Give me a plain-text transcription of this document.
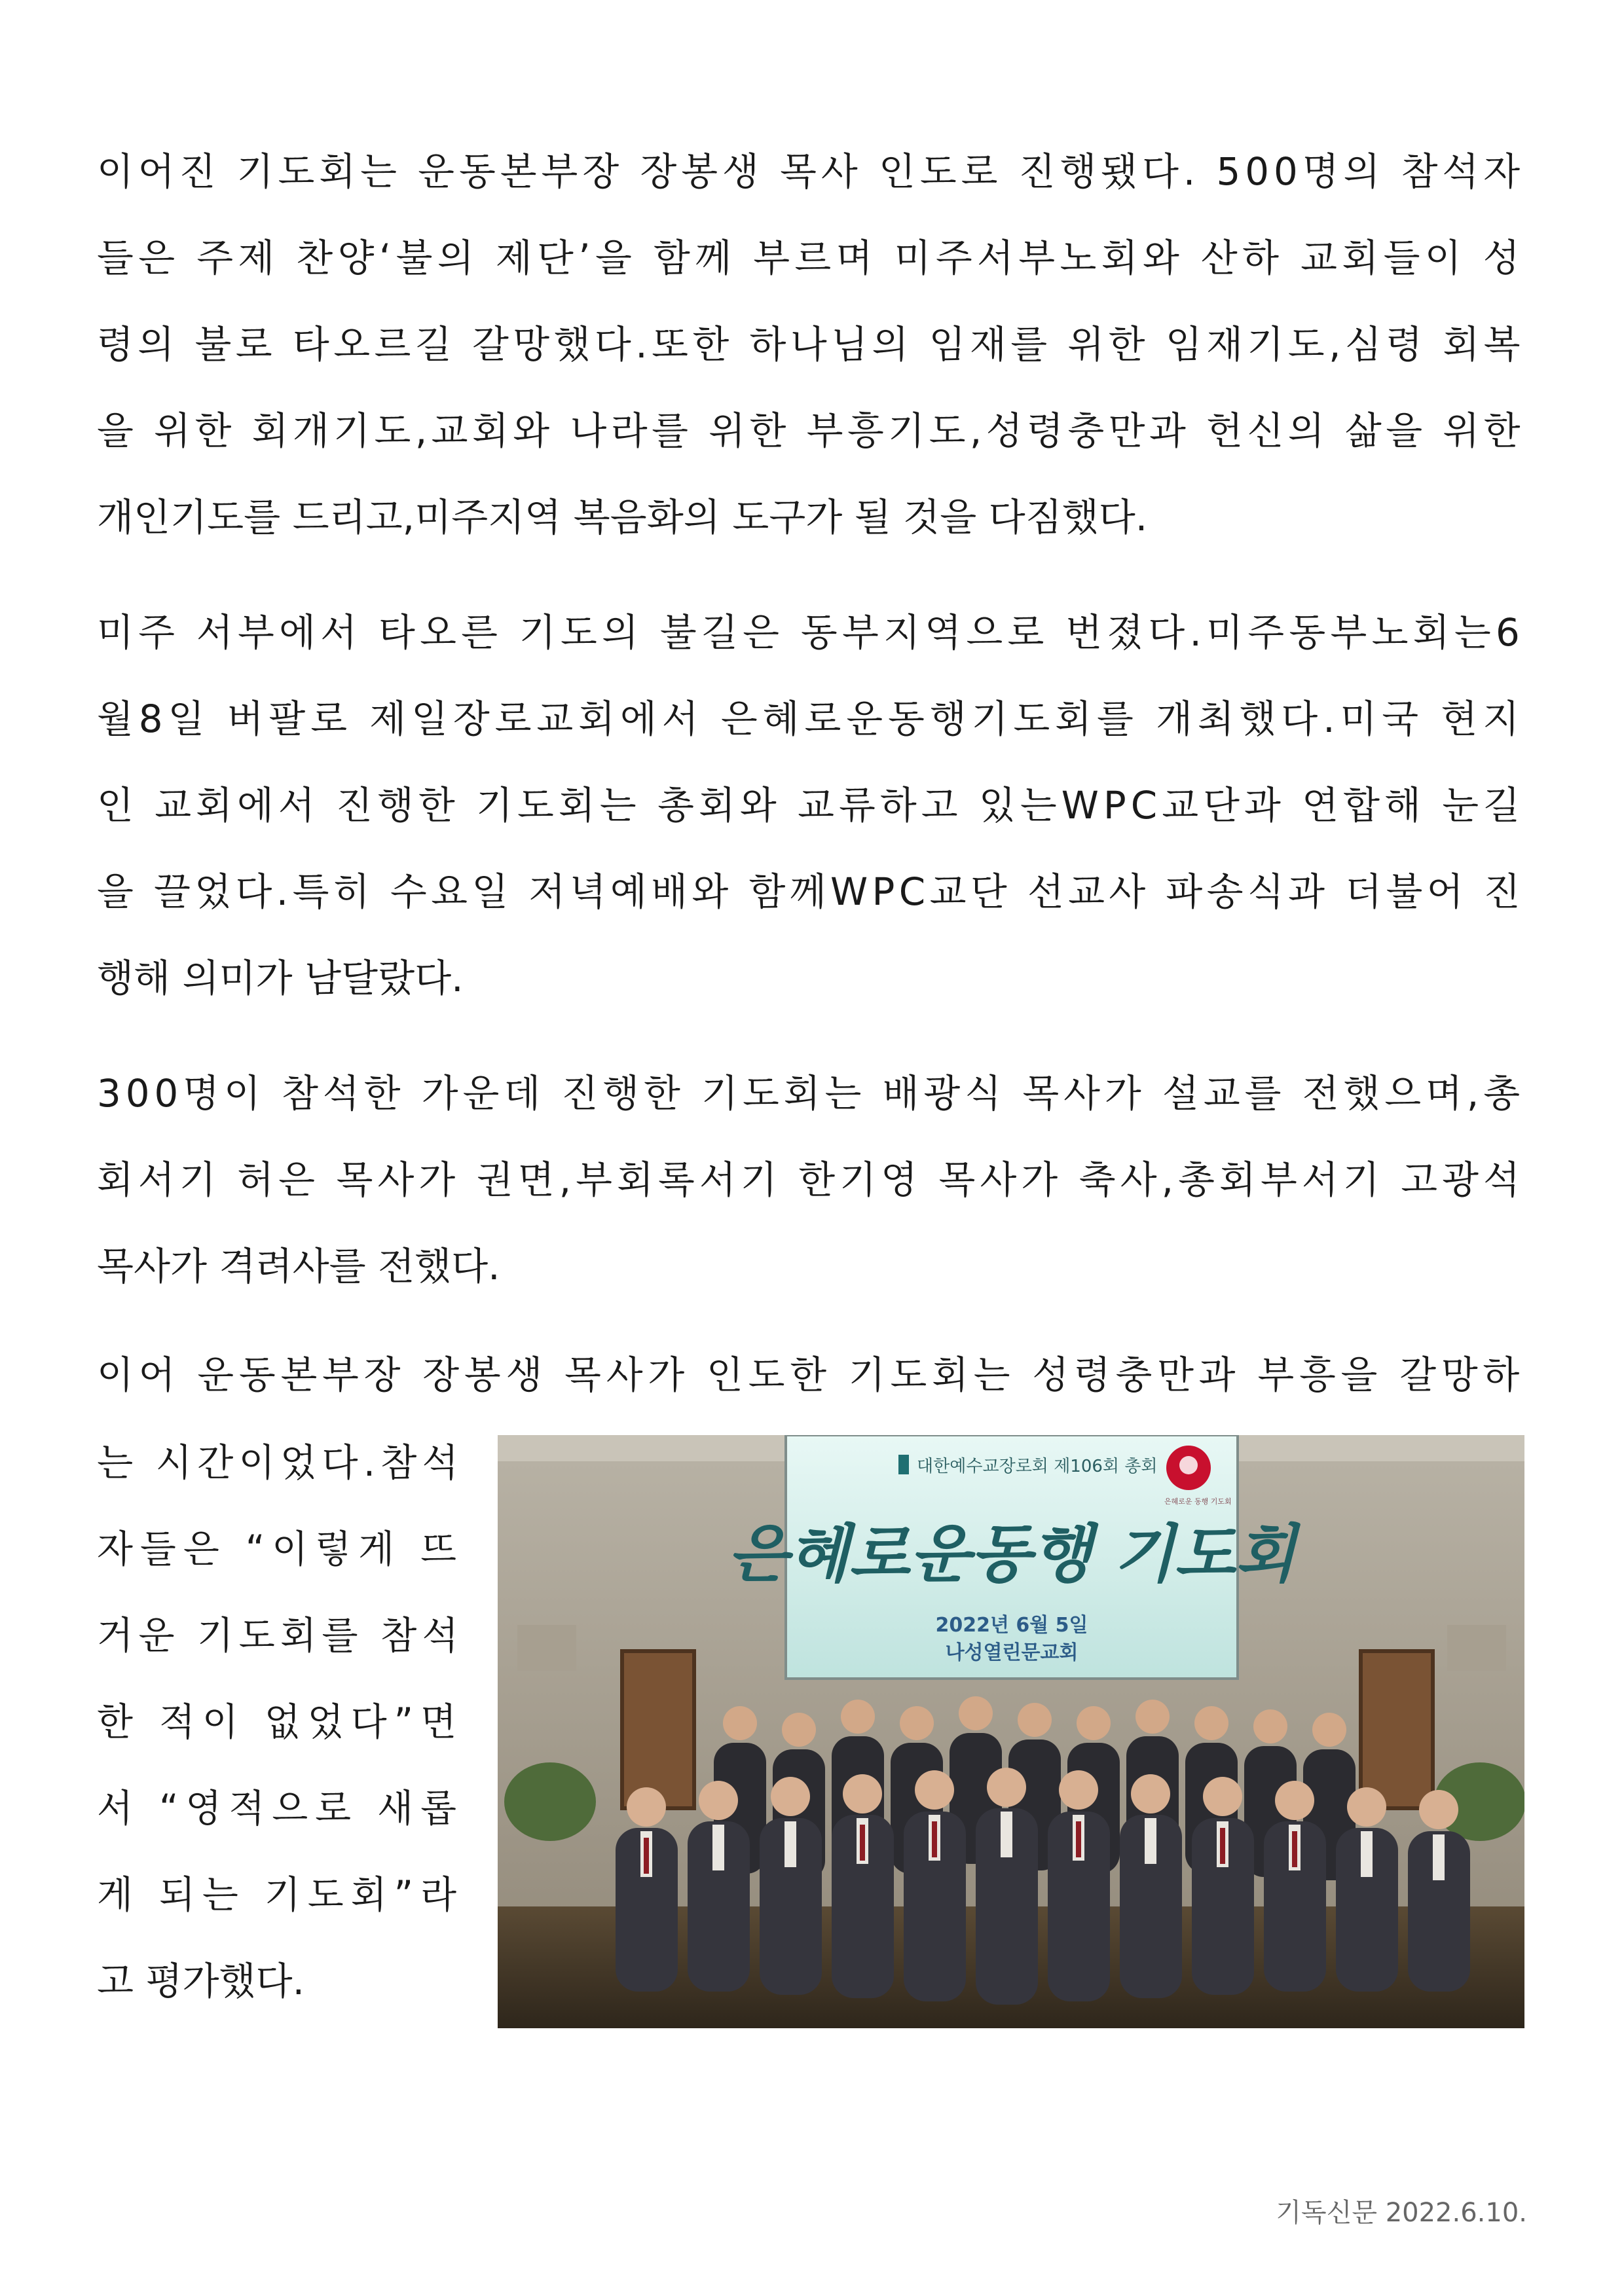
이어진 기도회는 운동본부장 장봉생 목사 인도로 진행됐다. 500명의 참석자
들은 주제 찬양‘불의 제단’을 함께 부르며 미주서부노회와 산하 교회들이 성
령의 불로 타오르길 갈망했다.또한 하나님의 임재를 위한 임재기도,심령 회복
을 위한 회개기도,교회와 나라를 위한 부흥기도,성령충만과 헌신의 삶을 위한
개인기도를 드리고,미주지역 복음화의 도구가 될 것을 다짐했다.
미주 서부에서 타오른 기도의 불길은 동부지역으로 번졌다.미주동부노회는6
월8일 버팔로 제일장로교회에서 은혜로운동행기도회를 개최했다.미국 현지
인 교회에서 진행한 기도회는 총회와 교류하고 있는WPC교단과 연합해 눈길
을 끌었다.특히 수요일 저녁예배와 함께WPC교단 선교사 파송식과 더불어 진
행해 의미가 남달랐다.
300명이 참석한 가운데 진행한 기도회는 배광식 목사가 설교를 전했으며,총
회서기 허은 목사가 권면,부회록서기 한기영 목사가 축사,총회부서기 고광석
목사가 격려사를 전했다.
이어 운동본부장 장봉생 목사가 인도한 기도회는 성령충만과 부흥을 갈망하
는 시간이었다.참석
자들은 “이렇게 뜨
거운 기도회를 참석
한 적이 없었다”면
서 “영적으로 새롭
게 되는 기도회”라
고 평가했다.
대한예수교장로회 제106회 총회
은혜로운 동행 기도회
은혜로운동행 기도회
2022년 6월 5일
나성열린문교회
기독신문 2022.6.10.
